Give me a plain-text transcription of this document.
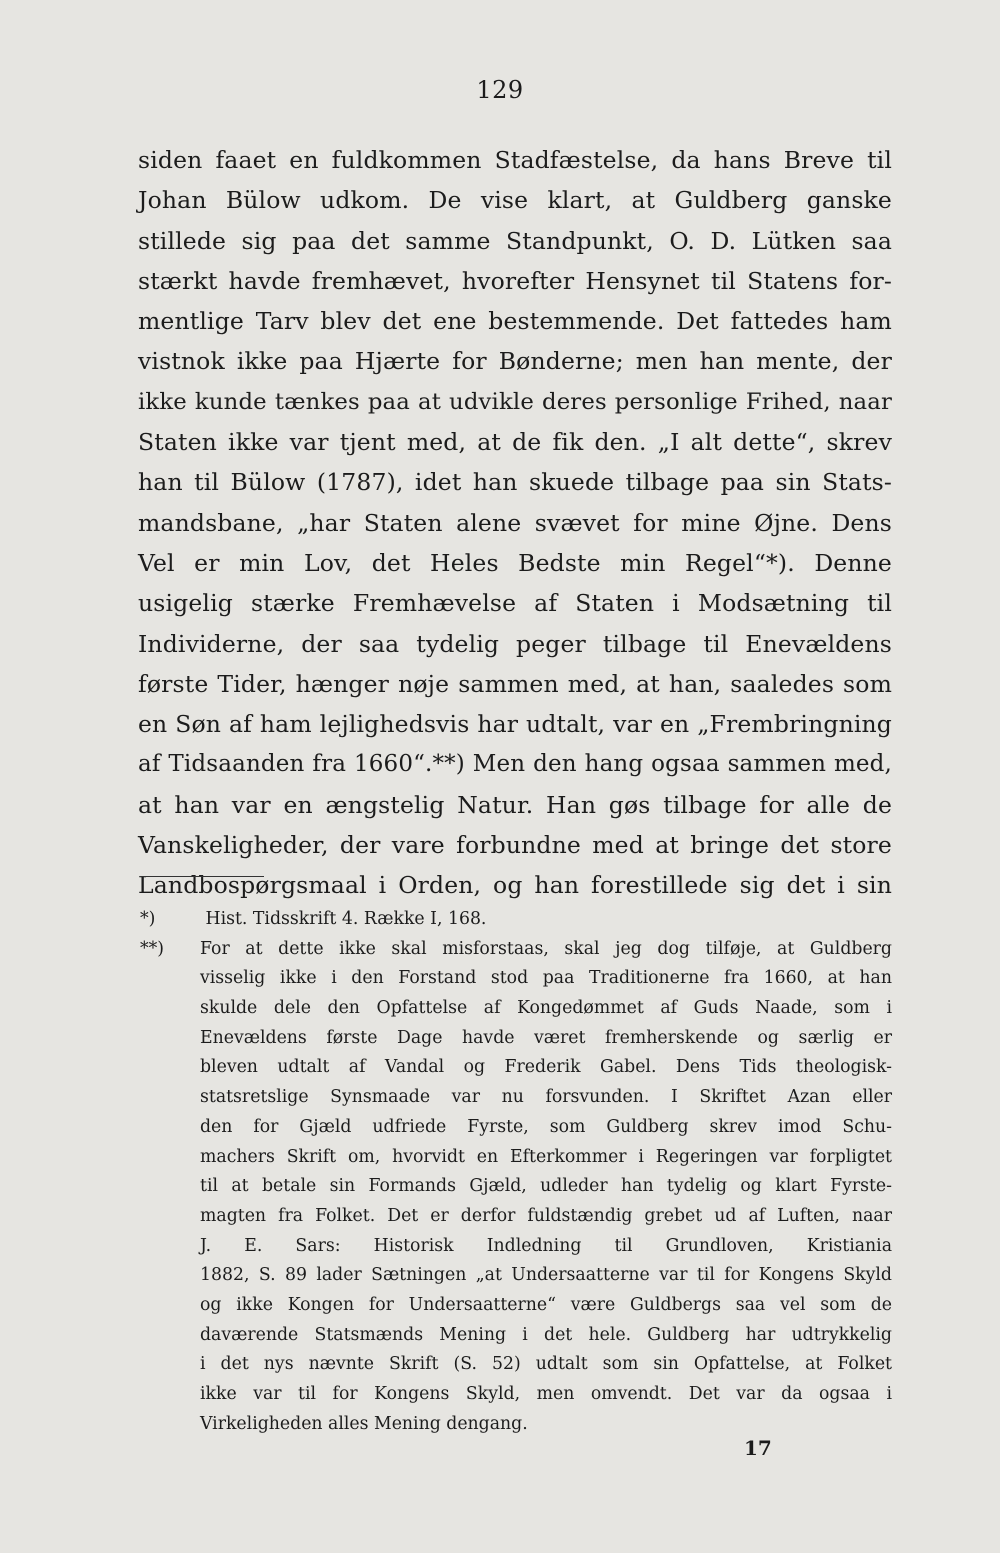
129
siden faaet en fuldkommen Stadfæstelse, da hans Breve til
Johan Bülow udkom. De vise klart, at Guldberg ganske
stillede sig paa det samme Standpunkt, O. D. Lütken saa
stærkt havde fremhævet, hvorefter Hensynet til Statens for-
mentlige Tarv blev det ene bestemmende. Det fattedes ham
vistnok ikke paa Hjærte for Bønderne; men han mente, der
ikke kunde tænkes paa at udvikle deres personlige Frihed, naar
Staten ikke var tjent med, at de fik den. „I alt dette“, skrev
han til Bülow (1787), idet han skuede tilbage paa sin Stats-
mandsbane, „har Staten alene svævet for mine Øjne. Dens
Vel er min Lov, det Heles Bedste min Regel“*). Denne
usigelig stærke Fremhævelse af Staten i Modsætning til
Individerne, der saa tydelig peger tilbage til Enevældens
første Tider, hænger nøje sammen med, at han, saaledes som
en Søn af ham lejlighedsvis har udtalt, var en „Frembringning
af Tidsaanden fra 1660“.**) Men den hang ogsaa sammen med,
at han var en ængstelig Natur. Han gøs tilbage for alle de
Vanskeligheder, der vare forbundne med at bringe det store
Landbospørgsmaal i Orden, og han forestillede sig det i sin
*)	Hist. Tidsskrift 4. Række I, 168.
**) For at dette ikke skal misforstaas, skal jeg dog tilføje, at Guldberg
visselig ikke i den Forstand stod paa Traditionerne fra 1660, at han
skulde dele den Opfattelse af Kongedømmet af Guds Naade, som i
Enevældens første Dage havde været fremherskende og særlig er
bleven udtalt af Vandal og Frederik Gabel. Dens Tids theologisk-
statsretslige Synsmaade var nu forsvunden. I Skriftet Azan eller
den for Gjæld udfriede Fyrste, som Guldberg skrev imod Schu-
machers Skrift om, hvorvidt en Efterkommer i Regeringen var forpligtet
til at betale sin Formands Gjæld, udleder han tydelig og klart Fyrste-
magten fra Folket. Det er derfor fuldstændig grebet ud af Luften, naar
J. E. Sars: Historisk Indledning til Grundloven, Kristiania
1882, S. 89 lader Sætningen „at Undersaatterne var til for Kongens Skyld
og ikke Kongen for Undersaatterne“ være Guldbergs saa vel som de
daværende Statsmænds Mening i det hele. Guldberg har udtrykkelig
i det nys nævnte Skrift (S. 52) udtalt som sin Opfattelse, at Folket
ikke var til for Kongens Skyld, men omvendt. Det var da ogsaa i
Virkeligheden alles Mening dengang.
17
